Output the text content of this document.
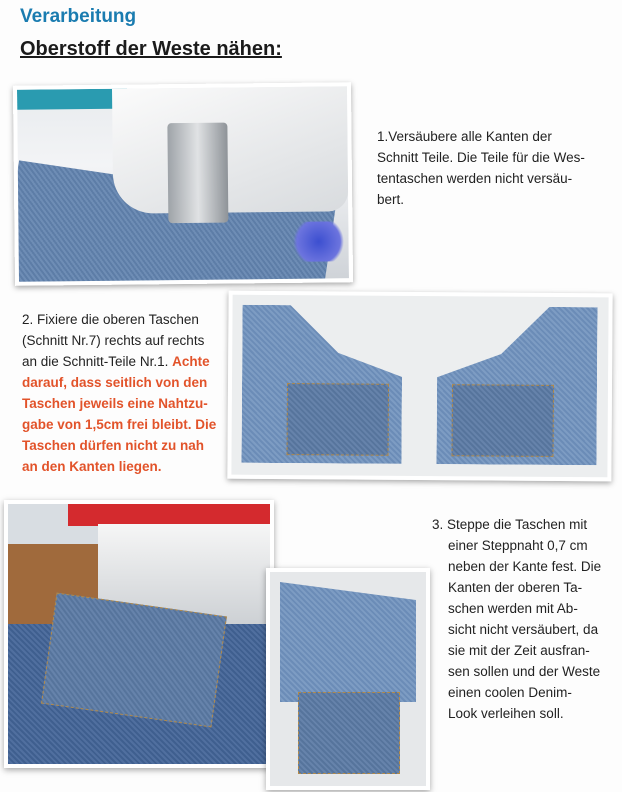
Verarbeitung
Oberstoff der Weste nähen:
1.Versäubere alle Kanten der
Schnitt Teile. Die Teile für die Wes-
tentaschen werden nicht versäu-
bert.
2. Fixiere die oberen Taschen
(Schnitt Nr.7) rechts auf rechts
an die Schnitt-Teile Nr.1. Achte
darauf, dass seitlich von den
Taschen jeweils eine Nahtzu-
gabe von 1,5cm frei bleibt. Die
Taschen dürfen nicht zu nah
an den Kanten liegen.
3. Steppe die Taschen mit
einer Steppnaht 0,7 cm
neben der Kante fest. Die
Kanten der oberen Ta-
schen werden mit Ab-
sicht nicht versäubert, da
sie mit der Zeit ausfran-
sen sollen und der Weste
einen coolen Denim-
Look verleihen soll.
